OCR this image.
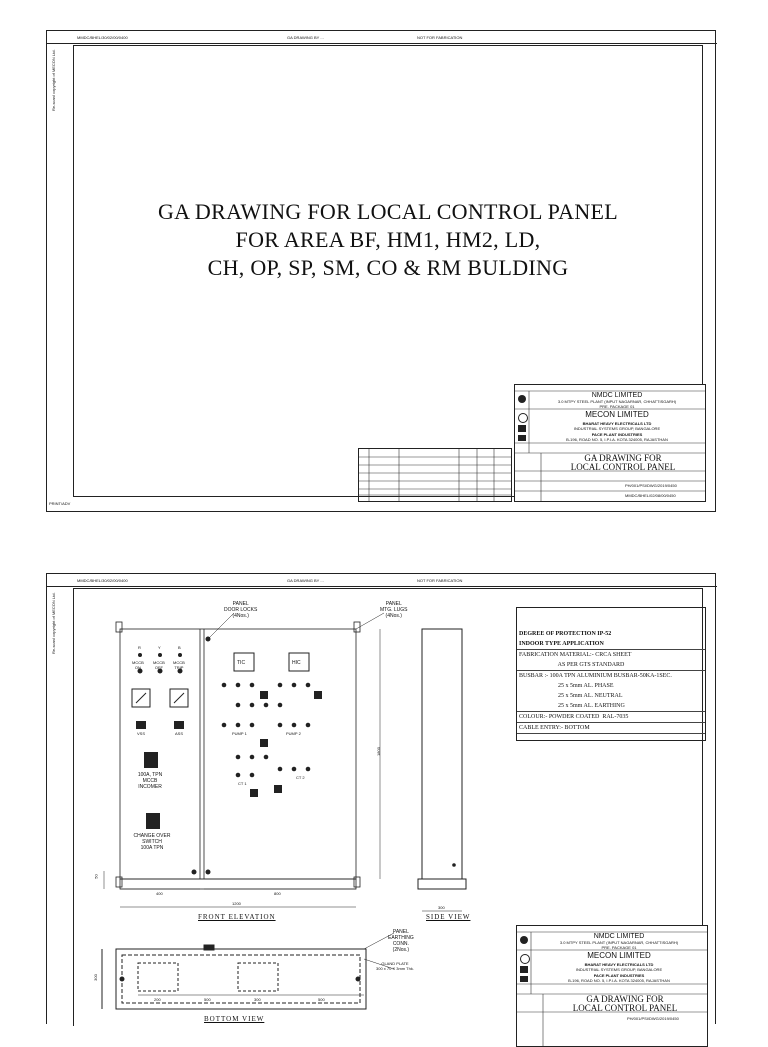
MMDC/BHEL/30/02/00/0400	GA DRAWING BY ...	NOT FOR FABRICATION
Re-scan/ copyright of MECON Ltd.
PRINT/ADV
GA DRAWING FOR LOCAL CONTROL PANEL
FOR AREA BF, HM1, HM2, LD,
CH, OP, SP, SM, CO & RM BULDING
NMDC LIMITED
3.0 MTPY STEEL PLANT (INPUT NAGARNAR, CHHATTISGARH)
PRE. PACKAGE 01
MECON LIMITED
BHARAT HEAVY ELECTRICALS LTD
INDUSTRIAL SYSTEMS GROUP, BANGALORE
PACE PLANT INDUSTRIES
B-196, ROAD NO. 5, I.P.I.A. KOTA 324005, RAJASTHAN
GA DRAWING FOR
LOCAL CONTROL PANEL
PH/001/PSI/DWG/2019/0450
MMDC/BHEL/02/08/00/0450
MMDC/BHEL/30/02/00/0400	GA DRAWING BY ...	NOT FOR FABRICATION
Re-scan/ copyright of MECON Ltd.	PANEL
DOOR LOCKS
(4Nos.)
PANEL
MTG. LUGS
(4Nos.)
PANEL
EARTHING
CONN.
(2Nos.)
GLAND PLATE
300 x 70 X 3mm Thk.
TIC	HIC
R	Y	B
MCCB
ON
MCCB
OFF
MCCB
TRIP
VSS	ASS
100A, TPN
MCCB
INCOMER
CHANGE OVER
SWITCH
100A TPN
PUMP 1	PUMP 2
CT 1
CT 2
400	800
1200
1800
300
50
200	500	300	500
300
FRONT ELEVATION	SIDE VIEW
BOTTOM VIEW
DEGREE OF PROTECTION IP-52
INDOOR TYPE APPLICATION
FABRICATION MATERIAL:- CRCA SHEET
AS PER GTS STANDARD
BUSBAR :- 100A TPN ALUMINIUM BUSBAR-50KA-1SEC.
25 x 5mm AL. PHASE
25 x 5mm AL. NEUTRAL
25 x 5mm AL. EARTHING
COLOUR:- POWDER COATED  RAL-7035
CABLE ENTRY:- BOTTOM
NMDC LIMITED
3.0 MTPY STEEL PLANT (INPUT NAGARNAR, CHHATTISGARH)
PRE. PACKAGE 01
MECON LIMITED
BHARAT HEAVY ELECTRICALS LTD
INDUSTRIAL SYSTEMS GROUP, BANGALORE
PACE PLANT INDUSTRIES
B-196, ROAD NO. 5, I.P.I.A. KOTA 324005, RAJASTHAN
GA DRAWING FOR
LOCAL CONTROL PANEL
PH/001/PSI/DWG/2019/0450
